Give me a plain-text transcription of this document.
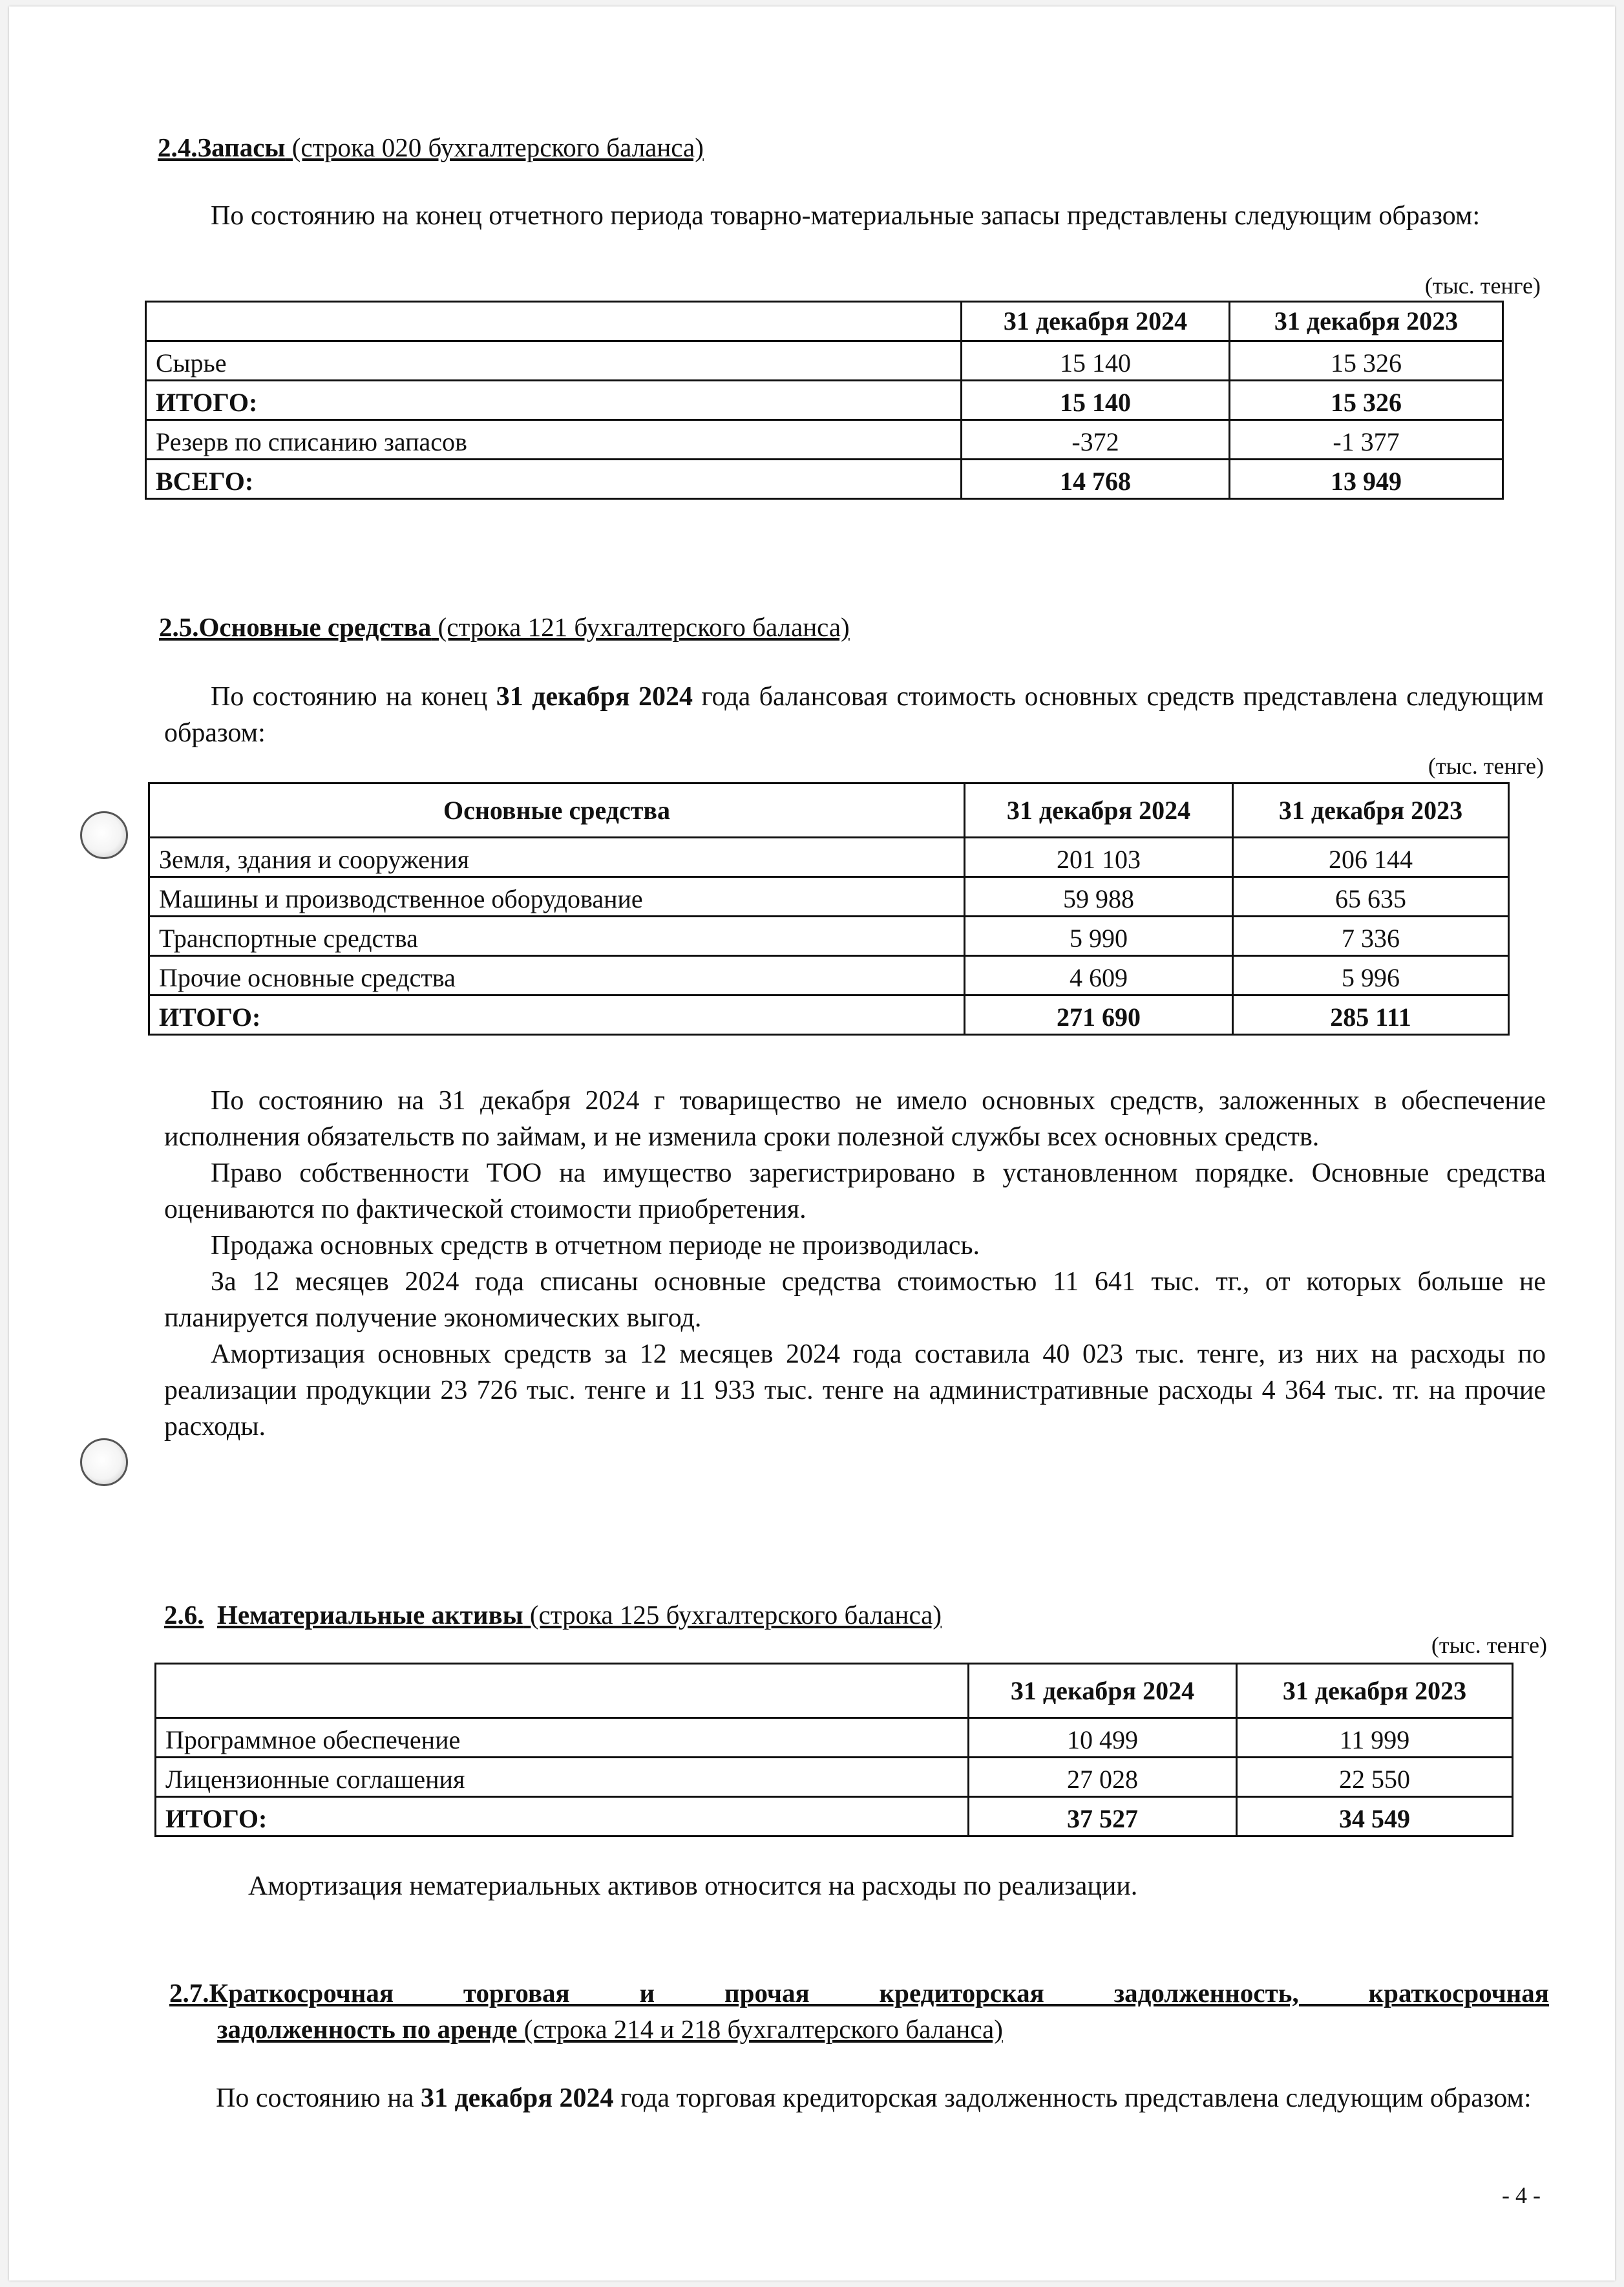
2.4.Запасы (строка 020 бухгалтерского баланса)
По состоянию на конец отчетного периода товарно-материальные запасы представлены следующим образом:
(тыс. тенге)
	31 декабря 2024	31 декабря 2023
Сырье	15 140	15 326
ИТОГО:	15 140	15 326
Резерв по списанию запасов	-372	-1 377
ВСЕГО:	14 768	13 949
2.5.Основные средства (строка 121 бухгалтерского баланса)
По состоянию на конец 31 декабря 2024 года балансовая стоимость основных средств представлена следующим образом:
(тыс. тенге)
Основные средства	31 декабря 2024	31 декабря 2023
Земля, здания и сооружения	201 103	206 144
Машины и производственное оборудование	59 988	65 635
Транспортные средства	5 990	7 336
Прочие основные средства	4 609	5 996
ИТОГО:	271 690	285 111
По состоянию на 31 декабря 2024 г товарищество не имело основных средств, заложенных в обеспечение исполнения обязательств по займам, и не изменила сроки полезной службы всех основных средств.
Право собственности ТОО на имущество зарегистрировано в установленном порядке. Основные средства оцениваются по фактической стоимости приобретения.
Продажа основных средств в отчетном периоде не производилась.
За 12 месяцев 2024 года списаны основные средства стоимостью 11 641 тыс. тг., от которых больше не планируется получение экономических выгод.
Амортизация основных средств за 12 месяцев 2024 года составила 40 023 тыс. тенге, из них на расходы по реализации продукции 23 726 тыс. тенге и 11 933 тыс. тенге на административные расходы 4 364 тыс. тг. на прочие расходы.
2.6. Нематериальные активы (строка 125 бухгалтерского баланса)
(тыс. тенге)
	31 декабря 2024	31 декабря 2023
Программное обеспечение	10 499	11 999
Лицензионные соглашения	27 028	22 550
ИТОГО:	37 527	34 549
Амортизация нематериальных активов относится на расходы по реализации.
2.7.Краткосрочная торговая и прочая кредиторская задолженность, краткосрочная
задолженность по аренде (строка 214 и 218 бухгалтерского баланса)
По состоянию на 31 декабря 2024 года торговая кредиторская задолженность представлена следующим образом:
- 4 -
